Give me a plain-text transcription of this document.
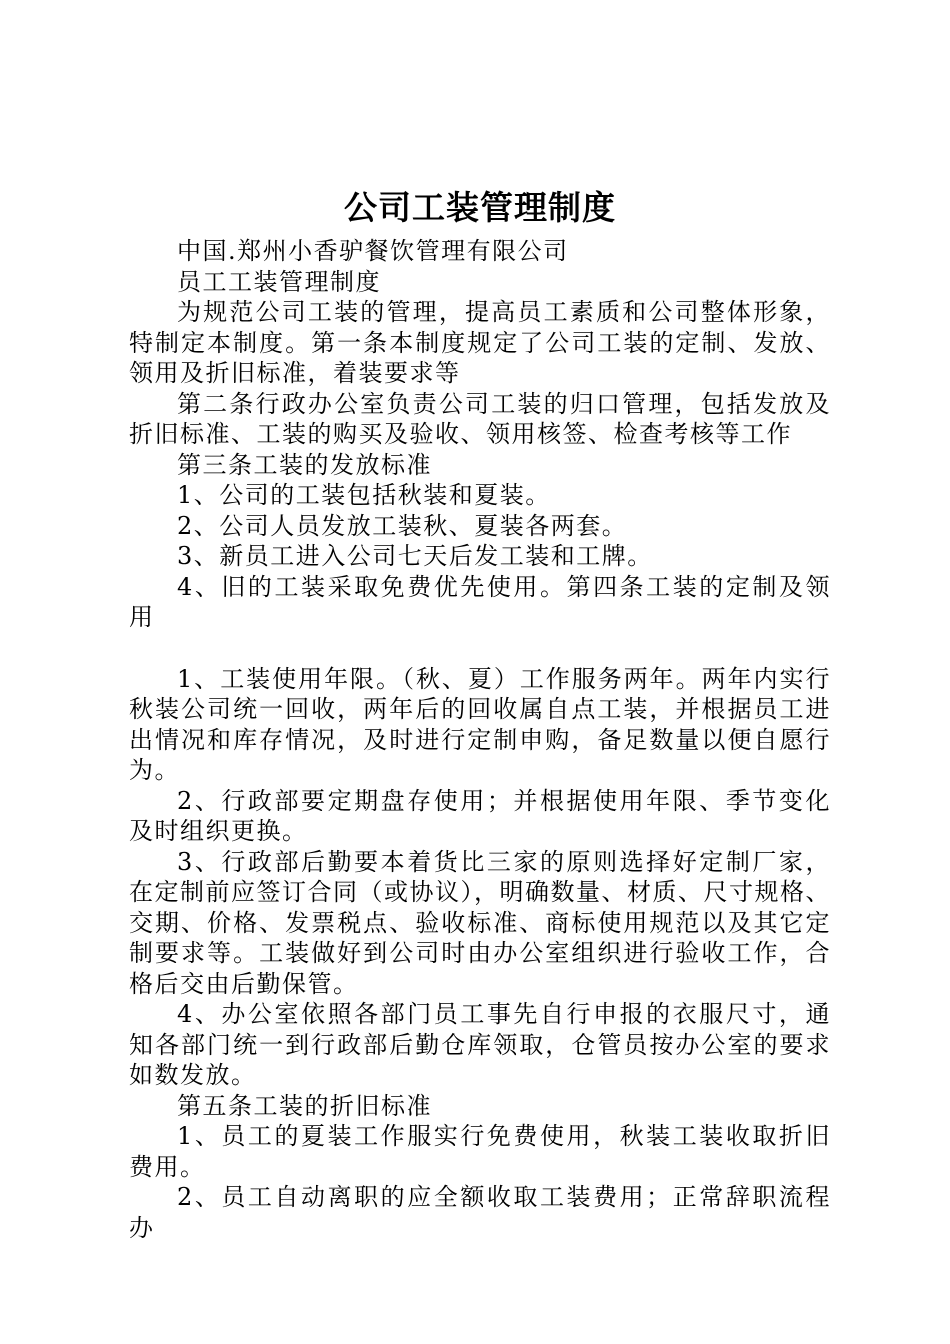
公司工装管理制度

中国.郑州小香驴餐饮管理有限公司

员工工装管理制度

为规范公司工装的管理，提高员工素质和公司整体形象，特制定本制度。第一条本制度规定了公司工装的定制、发放、领用及折旧标准，着装要求等

第二条行政办公室负责公司工装的归口管理，包括发放及折旧标准、工装的购买及验收、领用核签、检查考核等工作

第三条工装的发放标准

1、公司的工装包括秋装和夏装。

2、公司人员发放工装秋、夏装各两套。

3、新员工进入公司七天后发工装和工牌。

4、旧的工装采取免费优先使用。第四条工装的定制及领用

1、工装使用年限。（秋、夏）工作服务两年。两年内实行秋装公司统一回收，两年后的回收属自点工装，并根据员工进出情况和库存情况，及时进行定制申购，备足数量以便自愿行为。

2、行政部要定期盘存使用；并根据使用年限、季节变化及时组织更换。

3、行政部后勤要本着货比三家的原则选择好定制厂家，在定制前应签订合同（或协议），明确数量、材质、尺寸规格、交期、价格、发票税点、验收标准、商标使用规范以及其它定制要求等。工装做好到公司时由办公室组织进行验收工作，合格后交由后勤保管。

4、办公室依照各部门员工事先自行申报的衣服尺寸，通知各部门统一到行政部后勤仓库领取，仓管员按办公室的要求如数发放。

第五条工装的折旧标准

1、员工的夏装工作服实行免费使用，秋装工装收取折旧费用。

2、员工自动离职的应全额收取工装费用；正常辞职流程办
